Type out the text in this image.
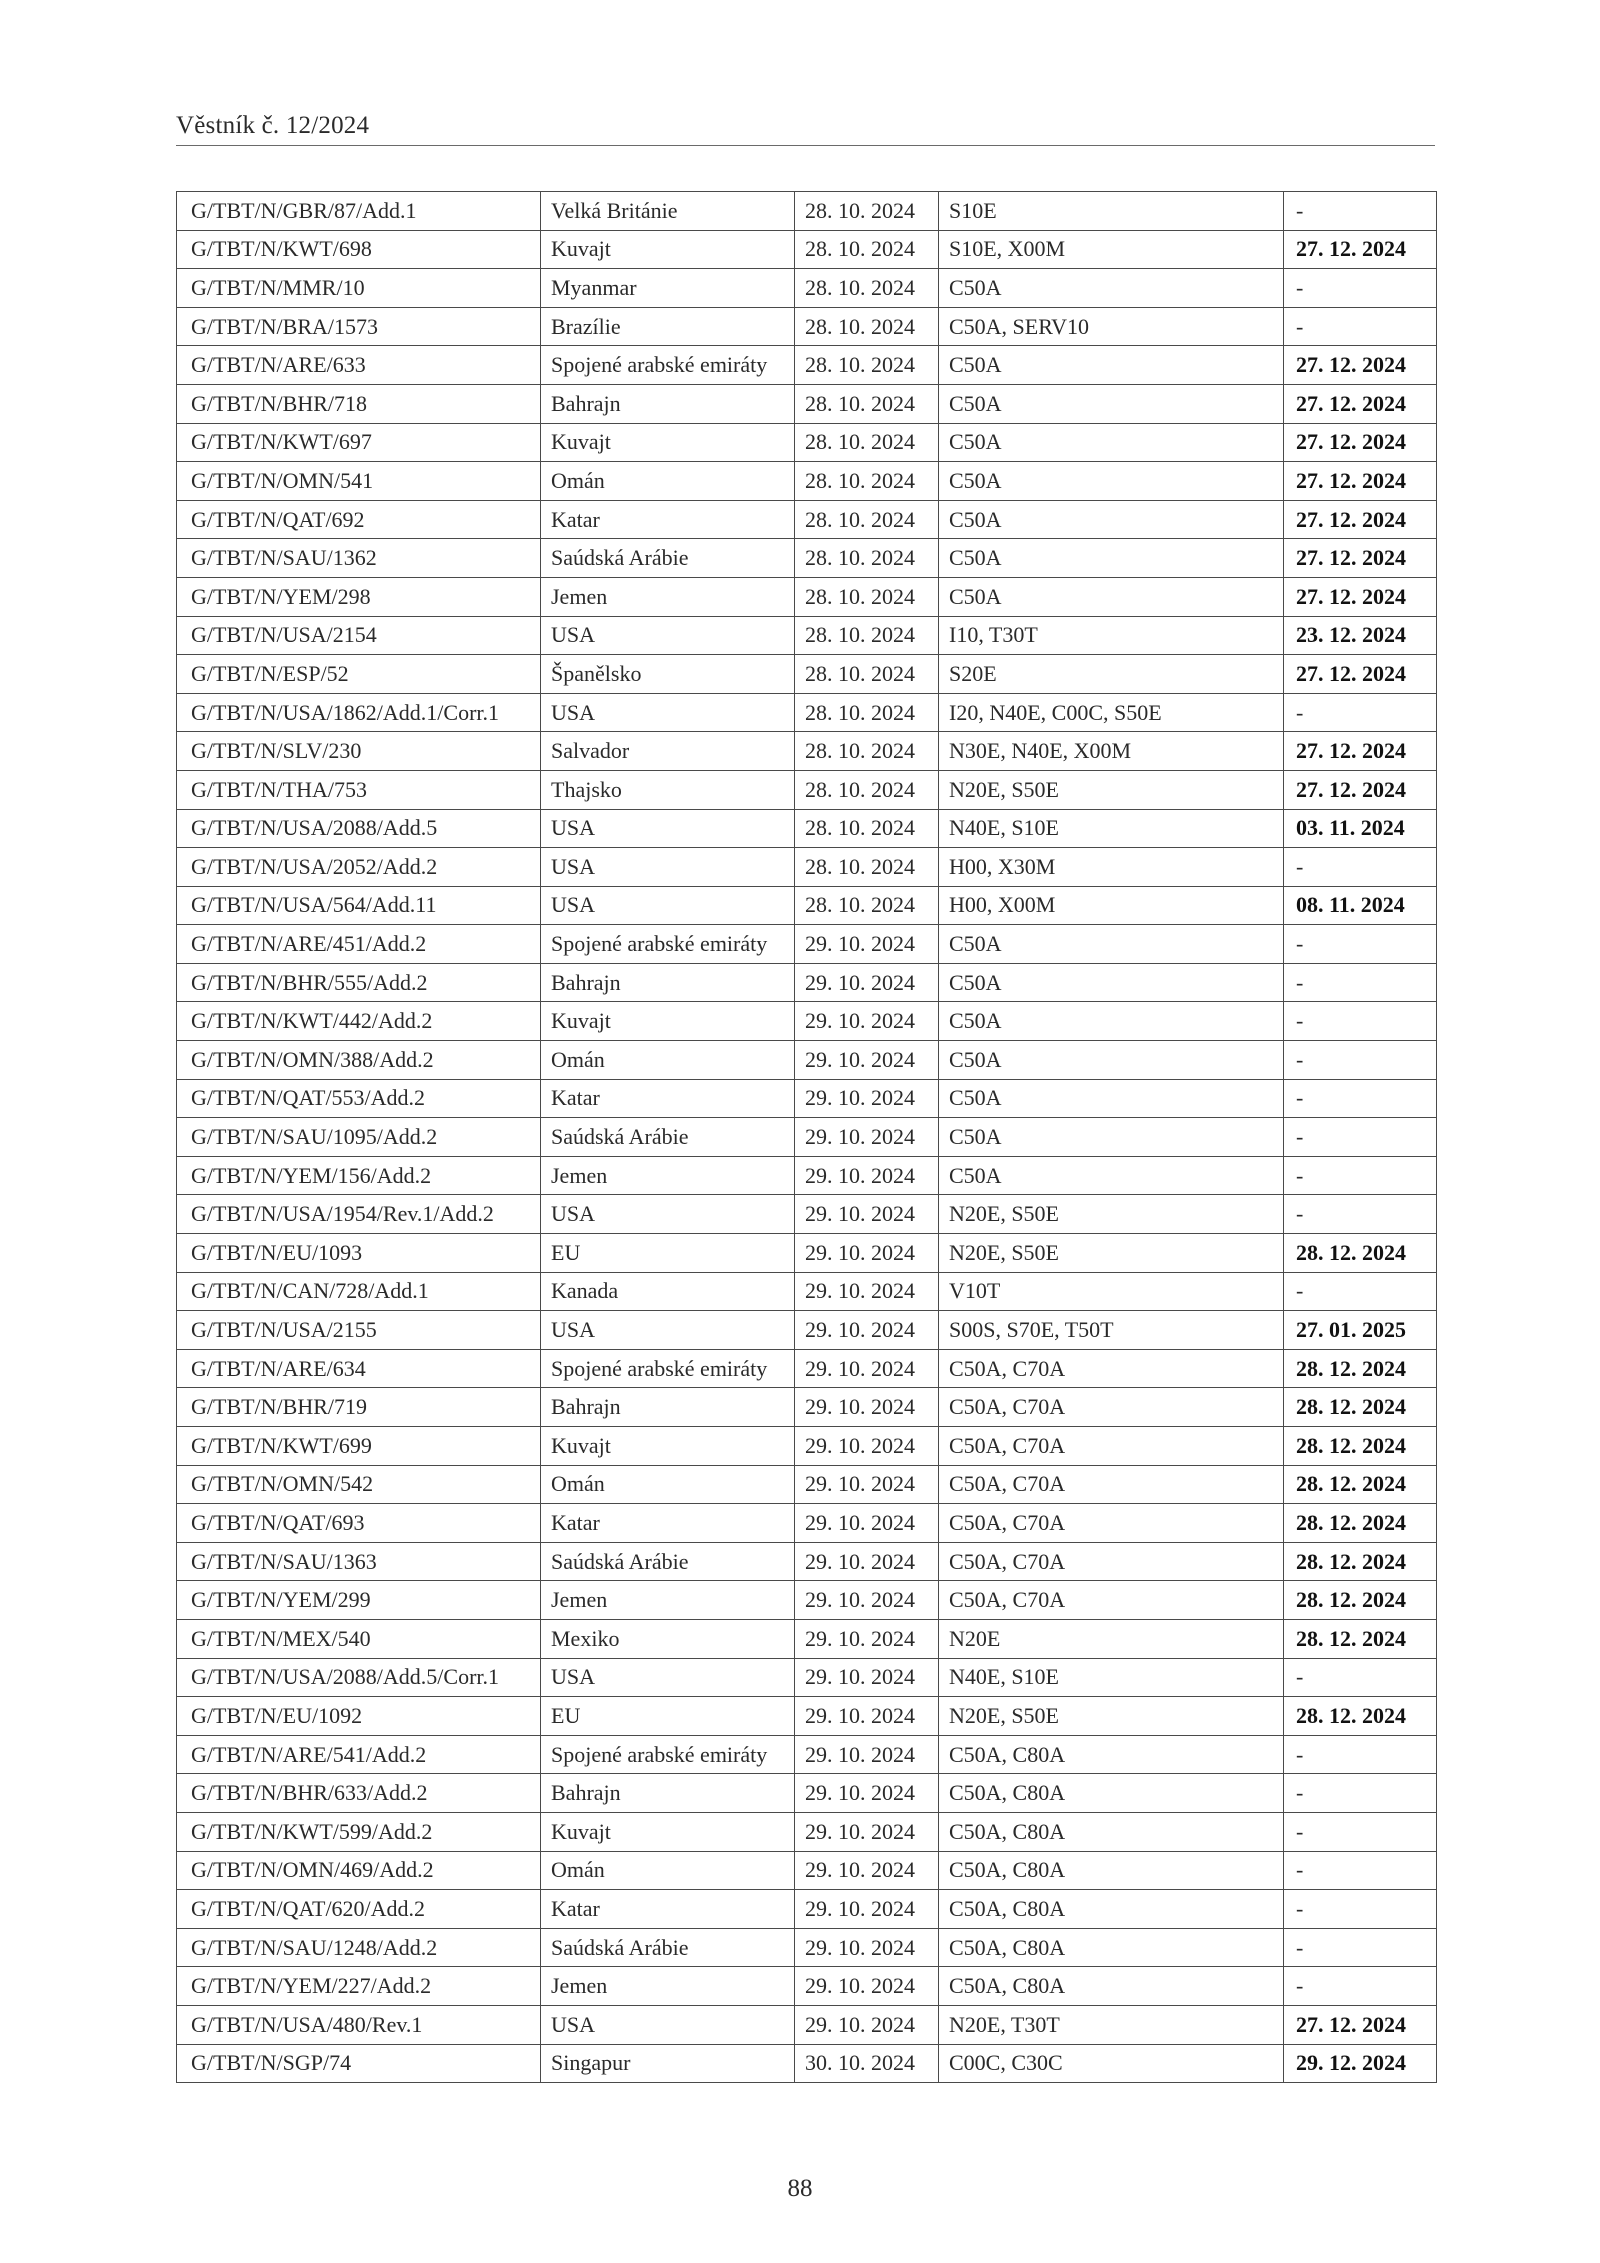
Věstník č. 12/2024
G/TBT/N/GBR/87/Add.1	Velká Británie	28. 10. 2024	S10E	-
G/TBT/N/KWT/698	Kuvajt	28. 10. 2024	S10E, X00M	27. 12. 2024
G/TBT/N/MMR/10	Myanmar	28. 10. 2024	C50A	-
G/TBT/N/BRA/1573	Brazílie	28. 10. 2024	C50A, SERV10	-
G/TBT/N/ARE/633	Spojené arabské emiráty	28. 10. 2024	C50A	27. 12. 2024
G/TBT/N/BHR/718	Bahrajn	28. 10. 2024	C50A	27. 12. 2024
G/TBT/N/KWT/697	Kuvajt	28. 10. 2024	C50A	27. 12. 2024
G/TBT/N/OMN/541	Omán	28. 10. 2024	C50A	27. 12. 2024
G/TBT/N/QAT/692	Katar	28. 10. 2024	C50A	27. 12. 2024
G/TBT/N/SAU/1362	Saúdská Arábie	28. 10. 2024	C50A	27. 12. 2024
G/TBT/N/YEM/298	Jemen	28. 10. 2024	C50A	27. 12. 2024
G/TBT/N/USA/2154	USA	28. 10. 2024	I10, T30T	23. 12. 2024
G/TBT/N/ESP/52	Španělsko	28. 10. 2024	S20E	27. 12. 2024
G/TBT/N/USA/1862/Add.1/Corr.1	USA	28. 10. 2024	I20, N40E, C00C, S50E	-
G/TBT/N/SLV/230	Salvador	28. 10. 2024	N30E, N40E, X00M	27. 12. 2024
G/TBT/N/THA/753	Thajsko	28. 10. 2024	N20E, S50E	27. 12. 2024
G/TBT/N/USA/2088/Add.5	USA	28. 10. 2024	N40E, S10E	03. 11. 2024
G/TBT/N/USA/2052/Add.2	USA	28. 10. 2024	H00, X30M	-
G/TBT/N/USA/564/Add.11	USA	28. 10. 2024	H00, X00M	08. 11. 2024
G/TBT/N/ARE/451/Add.2	Spojené arabské emiráty	29. 10. 2024	C50A	-
G/TBT/N/BHR/555/Add.2	Bahrajn	29. 10. 2024	C50A	-
G/TBT/N/KWT/442/Add.2	Kuvajt	29. 10. 2024	C50A	-
G/TBT/N/OMN/388/Add.2	Omán	29. 10. 2024	C50A	-
G/TBT/N/QAT/553/Add.2	Katar	29. 10. 2024	C50A	-
G/TBT/N/SAU/1095/Add.2	Saúdská Arábie	29. 10. 2024	C50A	-
G/TBT/N/YEM/156/Add.2	Jemen	29. 10. 2024	C50A	-
G/TBT/N/USA/1954/Rev.1/Add.2	USA	29. 10. 2024	N20E, S50E	-
G/TBT/N/EU/1093	EU	29. 10. 2024	N20E, S50E	28. 12. 2024
G/TBT/N/CAN/728/Add.1	Kanada	29. 10. 2024	V10T	-
G/TBT/N/USA/2155	USA	29. 10. 2024	S00S, S70E, T50T	27. 01. 2025
G/TBT/N/ARE/634	Spojené arabské emiráty	29. 10. 2024	C50A, C70A	28. 12. 2024
G/TBT/N/BHR/719	Bahrajn	29. 10. 2024	C50A, C70A	28. 12. 2024
G/TBT/N/KWT/699	Kuvajt	29. 10. 2024	C50A, C70A	28. 12. 2024
G/TBT/N/OMN/542	Omán	29. 10. 2024	C50A, C70A	28. 12. 2024
G/TBT/N/QAT/693	Katar	29. 10. 2024	C50A, C70A	28. 12. 2024
G/TBT/N/SAU/1363	Saúdská Arábie	29. 10. 2024	C50A, C70A	28. 12. 2024
G/TBT/N/YEM/299	Jemen	29. 10. 2024	C50A, C70A	28. 12. 2024
G/TBT/N/MEX/540	Mexiko	29. 10. 2024	N20E	28. 12. 2024
G/TBT/N/USA/2088/Add.5/Corr.1	USA	29. 10. 2024	N40E, S10E	-
G/TBT/N/EU/1092	EU	29. 10. 2024	N20E, S50E	28. 12. 2024
G/TBT/N/ARE/541/Add.2	Spojené arabské emiráty	29. 10. 2024	C50A, C80A	-
G/TBT/N/BHR/633/Add.2	Bahrajn	29. 10. 2024	C50A, C80A	-
G/TBT/N/KWT/599/Add.2	Kuvajt	29. 10. 2024	C50A, C80A	-
G/TBT/N/OMN/469/Add.2	Omán	29. 10. 2024	C50A, C80A	-
G/TBT/N/QAT/620/Add.2	Katar	29. 10. 2024	C50A, C80A	-
G/TBT/N/SAU/1248/Add.2	Saúdská Arábie	29. 10. 2024	C50A, C80A	-
G/TBT/N/YEM/227/Add.2	Jemen	29. 10. 2024	C50A, C80A	-
G/TBT/N/USA/480/Rev.1	USA	29. 10. 2024	N20E, T30T	27. 12. 2024
G/TBT/N/SGP/74	Singapur	30. 10. 2024	C00C, C30C	29. 12. 2024
88
